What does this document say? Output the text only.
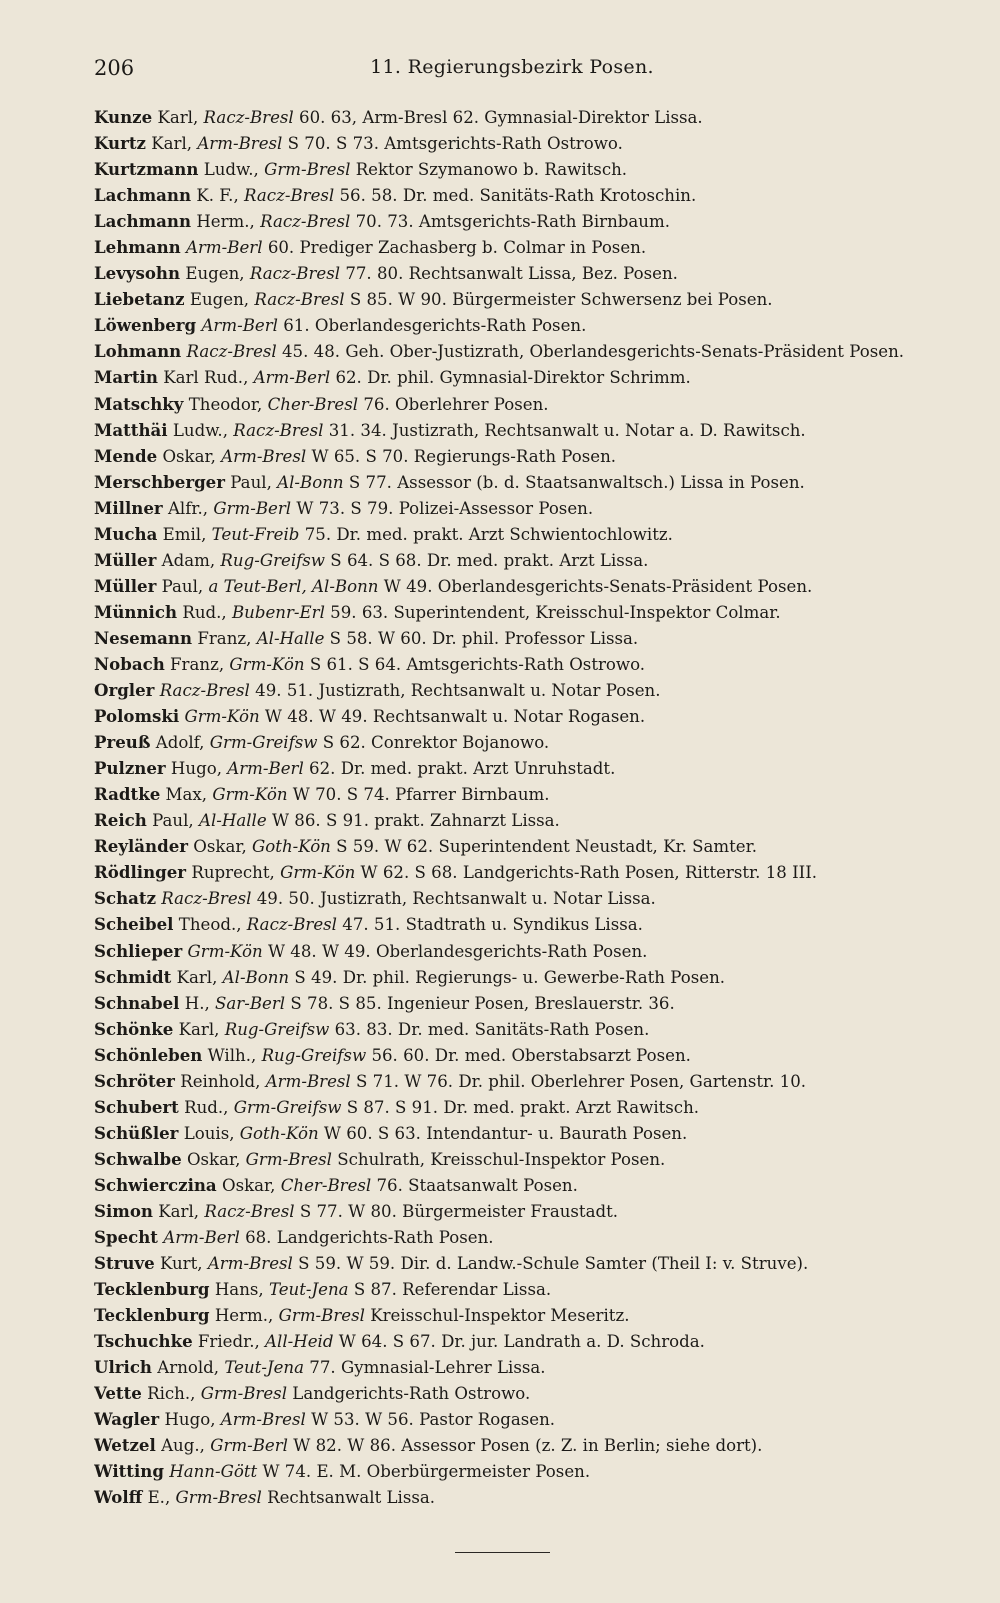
206	11. Regierungsbezirk Posen.
Kunze Karl, Racz-Bresl 60. 63, Arm-Bresl 62. Gymnasial-Direktor Lissa.
Kurtz Karl, Arm-Bresl S 70. S 73. Amtsgerichts-Rath Ostrowo.
Kurtzmann Ludw., Grm-Bresl Rektor Szymanowo b. Rawitsch.
Lachmann K. F., Racz-Bresl 56. 58. Dr. med. Sanitäts-Rath Krotoschin.
Lachmann Herm., Racz-Bresl 70. 73. Amtsgerichts-Rath Birnbaum.
Lehmann Arm-Berl 60. Prediger Zachasberg b. Colmar in Posen.
Levysohn Eugen, Racz-Bresl 77. 80. Rechtsanwalt Lissa, Bez. Posen.
Liebetanz Eugen, Racz-Bresl S 85. W 90. Bürgermeister Schwersenz bei Posen.
Löwenberg Arm-Berl 61. Oberlandesgerichts-Rath Posen.
Lohmann Racz-Bresl 45. 48. Geh. Ober-Justizrath, Oberlandesgerichts-Senats-Präsident Posen.
Martin Karl Rud., Arm-Berl 62. Dr. phil. Gymnasial-Direktor Schrimm.
Matschky Theodor, Cher-Bresl 76. Oberlehrer Posen.
Matthäi Ludw., Racz-Bresl 31. 34. Justizrath, Rechtsanwalt u. Notar a. D. Rawitsch.
Mende Oskar, Arm-Bresl W 65. S 70. Regierungs-Rath Posen.
Merschberger Paul, Al-Bonn S 77. Assessor (b. d. Staatsanwaltsch.) Lissa in Posen.
Millner Alfr., Grm-Berl W 73. S 79. Polizei-Assessor Posen.
Mucha Emil, Teut-Freib 75. Dr. med. prakt. Arzt Schwientochlowitz.
Müller Adam, Rug-Greifsw S 64. S 68. Dr. med. prakt. Arzt Lissa.
Müller Paul, a Teut-Berl, Al-Bonn W 49. Oberlandesgerichts-Senats-Präsident Posen.
Münnich Rud., Bubenr-Erl 59. 63. Superintendent, Kreisschul-Inspektor Colmar.
Nesemann Franz, Al-Halle S 58. W 60. Dr. phil. Professor Lissa.
Nobach Franz, Grm-Kön S 61. S 64. Amtsgerichts-Rath Ostrowo.
Orgler Racz-Bresl 49. 51. Justizrath, Rechtsanwalt u. Notar Posen.
Polomski Grm-Kön W 48. W 49. Rechtsanwalt u. Notar Rogasen.
Preuß Adolf, Grm-Greifsw S 62. Conrektor Bojanowo.
Pulzner Hugo, Arm-Berl 62. Dr. med. prakt. Arzt Unruhstadt.
Radtke Max, Grm-Kön W 70. S 74. Pfarrer Birnbaum.
Reich Paul, Al-Halle W 86. S 91. prakt. Zahnarzt Lissa.
Reyländer Oskar, Goth-Kön S 59. W 62. Superintendent Neustadt, Kr. Samter.
Rödlinger Ruprecht, Grm-Kön W 62. S 68. Landgerichts-Rath Posen, Ritterstr. 18 III.
Schatz Racz-Bresl 49. 50. Justizrath, Rechtsanwalt u. Notar Lissa.
Scheibel Theod., Racz-Bresl 47. 51. Stadtrath u. Syndikus Lissa.
Schlieper Grm-Kön W 48. W 49. Oberlandesgerichts-Rath Posen.
Schmidt Karl, Al-Bonn S 49. Dr. phil. Regierungs- u. Gewerbe-Rath Posen.
Schnabel H., Sar-Berl S 78. S 85. Ingenieur Posen, Breslauerstr. 36.
Schönke Karl, Rug-Greifsw 63. 83. Dr. med. Sanitäts-Rath Posen.
Schönleben Wilh., Rug-Greifsw 56. 60. Dr. med. Oberstabsarzt Posen.
Schröter Reinhold, Arm-Bresl S 71. W 76. Dr. phil. Oberlehrer Posen, Gartenstr. 10.
Schubert Rud., Grm-Greifsw S 87. S 91. Dr. med. prakt. Arzt Rawitsch.
Schüßler Louis, Goth-Kön W 60. S 63. Intendantur- u. Baurath Posen.
Schwalbe Oskar, Grm-Bresl Schulrath, Kreisschul-Inspektor Posen.
Schwierczina Oskar, Cher-Bresl 76. Staatsanwalt Posen.
Simon Karl, Racz-Bresl S 77. W 80. Bürgermeister Fraustadt.
Specht Arm-Berl 68. Landgerichts-Rath Posen.
Struve Kurt, Arm-Bresl S 59. W 59. Dir. d. Landw.-Schule Samter (Theil I: v. Struve).
Tecklenburg Hans, Teut-Jena S 87. Referendar Lissa.
Tecklenburg Herm., Grm-Bresl Kreisschul-Inspektor Meseritz.
Tschuchke Friedr., All-Heid W 64. S 67. Dr. jur. Landrath a. D. Schroda.
Ulrich Arnold, Teut-Jena 77. Gymnasial-Lehrer Lissa.
Vette Rich., Grm-Bresl Landgerichts-Rath Ostrowo.
Wagler Hugo, Arm-Bresl W 53. W 56. Pastor Rogasen.
Wetzel Aug., Grm-Berl W 82. W 86. Assessor Posen (z. Z. in Berlin; siehe dort).
Witting Hann-Gött W 74. E. M. Oberbürgermeister Posen.
Wolff E., Grm-Bresl Rechtsanwalt Lissa.
